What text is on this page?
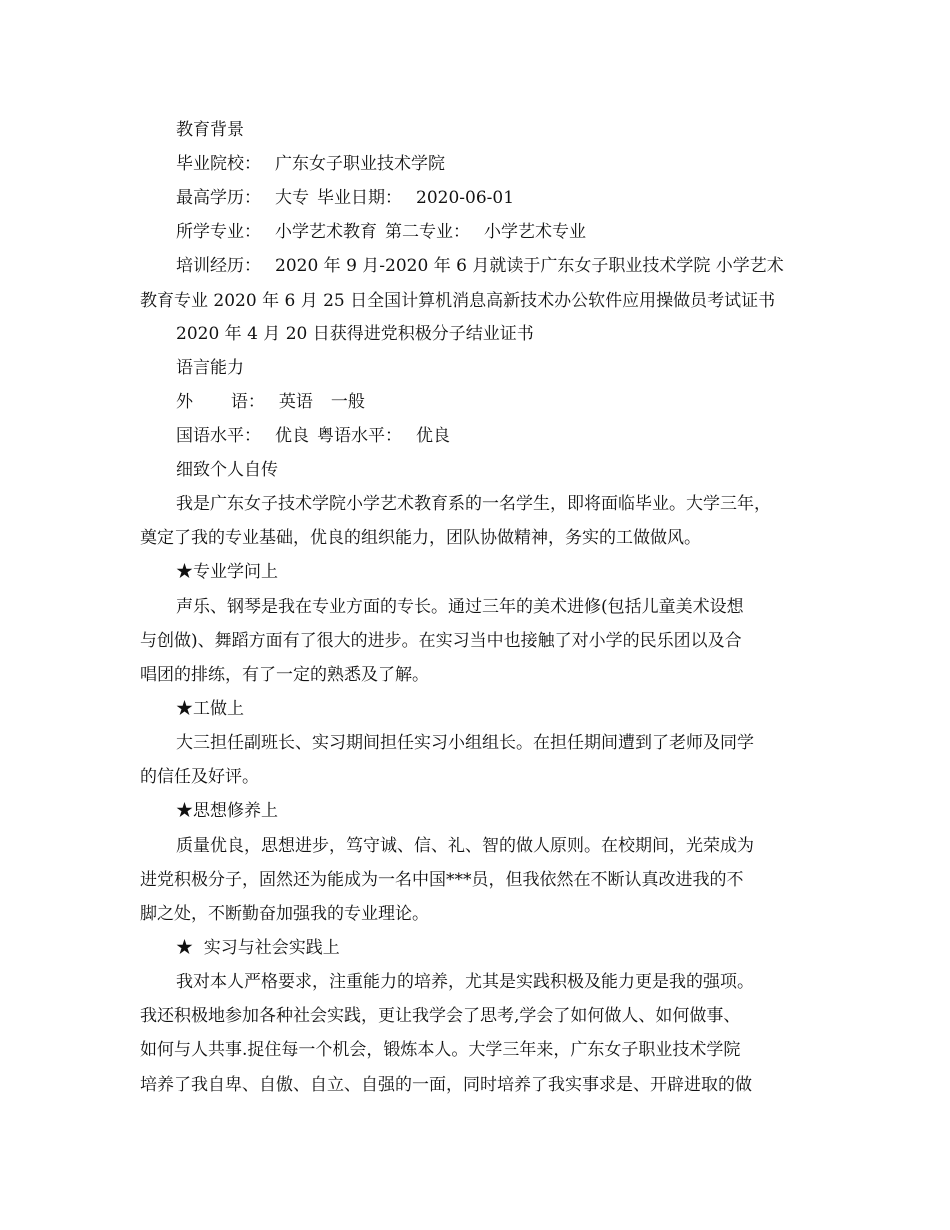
教育背景
毕业院校： 广东女子职业技术学院
最高学历： 大专 毕业日期： 2020-06-01
所学专业： 小学艺术教育 第二专业： 小学艺术专业
培训经历： 2020 年 9 月-2020 年 6 月就读于广东女子职业技术学院 小学艺术
教育专业 2020 年 6 月 25 日全国计算机消息高新技术办公软件应用操做员考试证书
2020 年 4 月 20 日获得进党积极分子结业证书
语言能力
外       语： 英语 一般
国语水平： 优良 粤语水平： 优良
细致个人自传
我是广东女子技术学院小学艺术教育系的一名学生，即将面临毕业。大学三年，
奠定了我的专业基础，优良的组织能力，团队协做精神，务实的工做做风。
★专业学问上
声乐、钢琴是我在专业方面的专长。通过三年的美术进修(包括儿童美术设想
与创做)、舞蹈方面有了很大的进步。在实习当中也接触了对小学的民乐团以及合
唱团的排练，有了一定的熟悉及了解。
★工做上
大三担任副班长、实习期间担任实习小组组长。在担任期间遭到了老师及同学
的信任及好评。
★思想修养上
质量优良，思想进步，笃守诚、信、礼、智的做人原则。在校期间，光荣成为
进党积极分子，固然还为能成为一名中国***员，但我依然在不断认真改进我的不
脚之处，不断勤奋加强我的专业理论。
★  实习与社会实践上
我对本人严格要求，注重能力的培养，尤其是实践积极及能力更是我的强项。
我还积极地参加各种社会实践，更让我学会了思考,学会了如何做人、如何做事、
如何与人共事.捉住每一个机会，锻炼本人。大学三年来，广东女子职业技术学院
培养了我自卑、自傲、自立、自强的一面，同时培养了我实事求是、开辟进取的做
